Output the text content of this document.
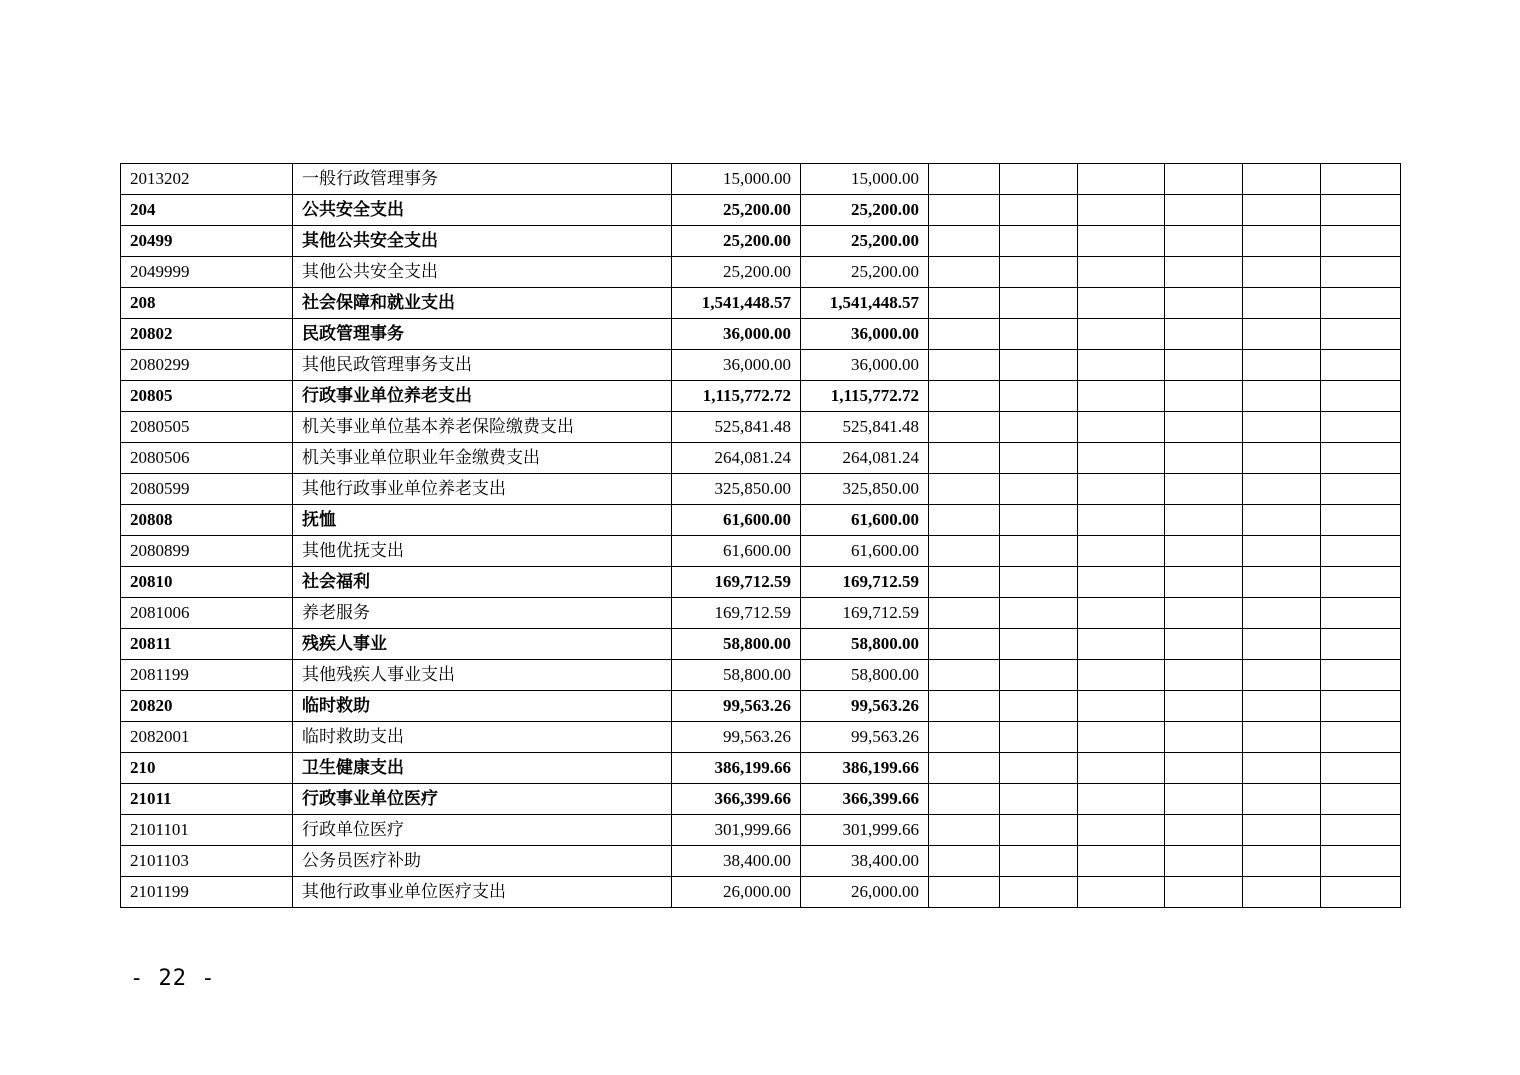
2013202	一般行政管理事务	15,000.00	15,000.00						
204	公共安全支出	25,200.00	25,200.00						
20499	其他公共安全支出	25,200.00	25,200.00						
2049999	其他公共安全支出	25,200.00	25,200.00						
208	社会保障和就业支出	1,541,448.57	1,541,448.57						
20802	民政管理事务	36,000.00	36,000.00						
2080299	其他民政管理事务支出	36,000.00	36,000.00						
20805	行政事业单位养老支出	1,115,772.72	1,115,772.72						
2080505	机关事业单位基本养老保险缴费支出	525,841.48	525,841.48						
2080506	机关事业单位职业年金缴费支出	264,081.24	264,081.24						
2080599	其他行政事业单位养老支出	325,850.00	325,850.00						
20808	抚恤	61,600.00	61,600.00						
2080899	其他优抚支出	61,600.00	61,600.00						
20810	社会福利	169,712.59	169,712.59						
2081006	养老服务	169,712.59	169,712.59						
20811	残疾人事业	58,800.00	58,800.00						
2081199	其他残疾人事业支出	58,800.00	58,800.00						
20820	临时救助	99,563.26	99,563.26						
2082001	临时救助支出	99,563.26	99,563.26						
210	卫生健康支出	386,199.66	386,199.66						
21011	行政事业单位医疗	366,399.66	366,399.66						
2101101	行政单位医疗	301,999.66	301,999.66						
2101103	公务员医疗补助	38,400.00	38,400.00						
2101199	其他行政事业单位医疗支出	26,000.00	26,000.00						
- 22 -
